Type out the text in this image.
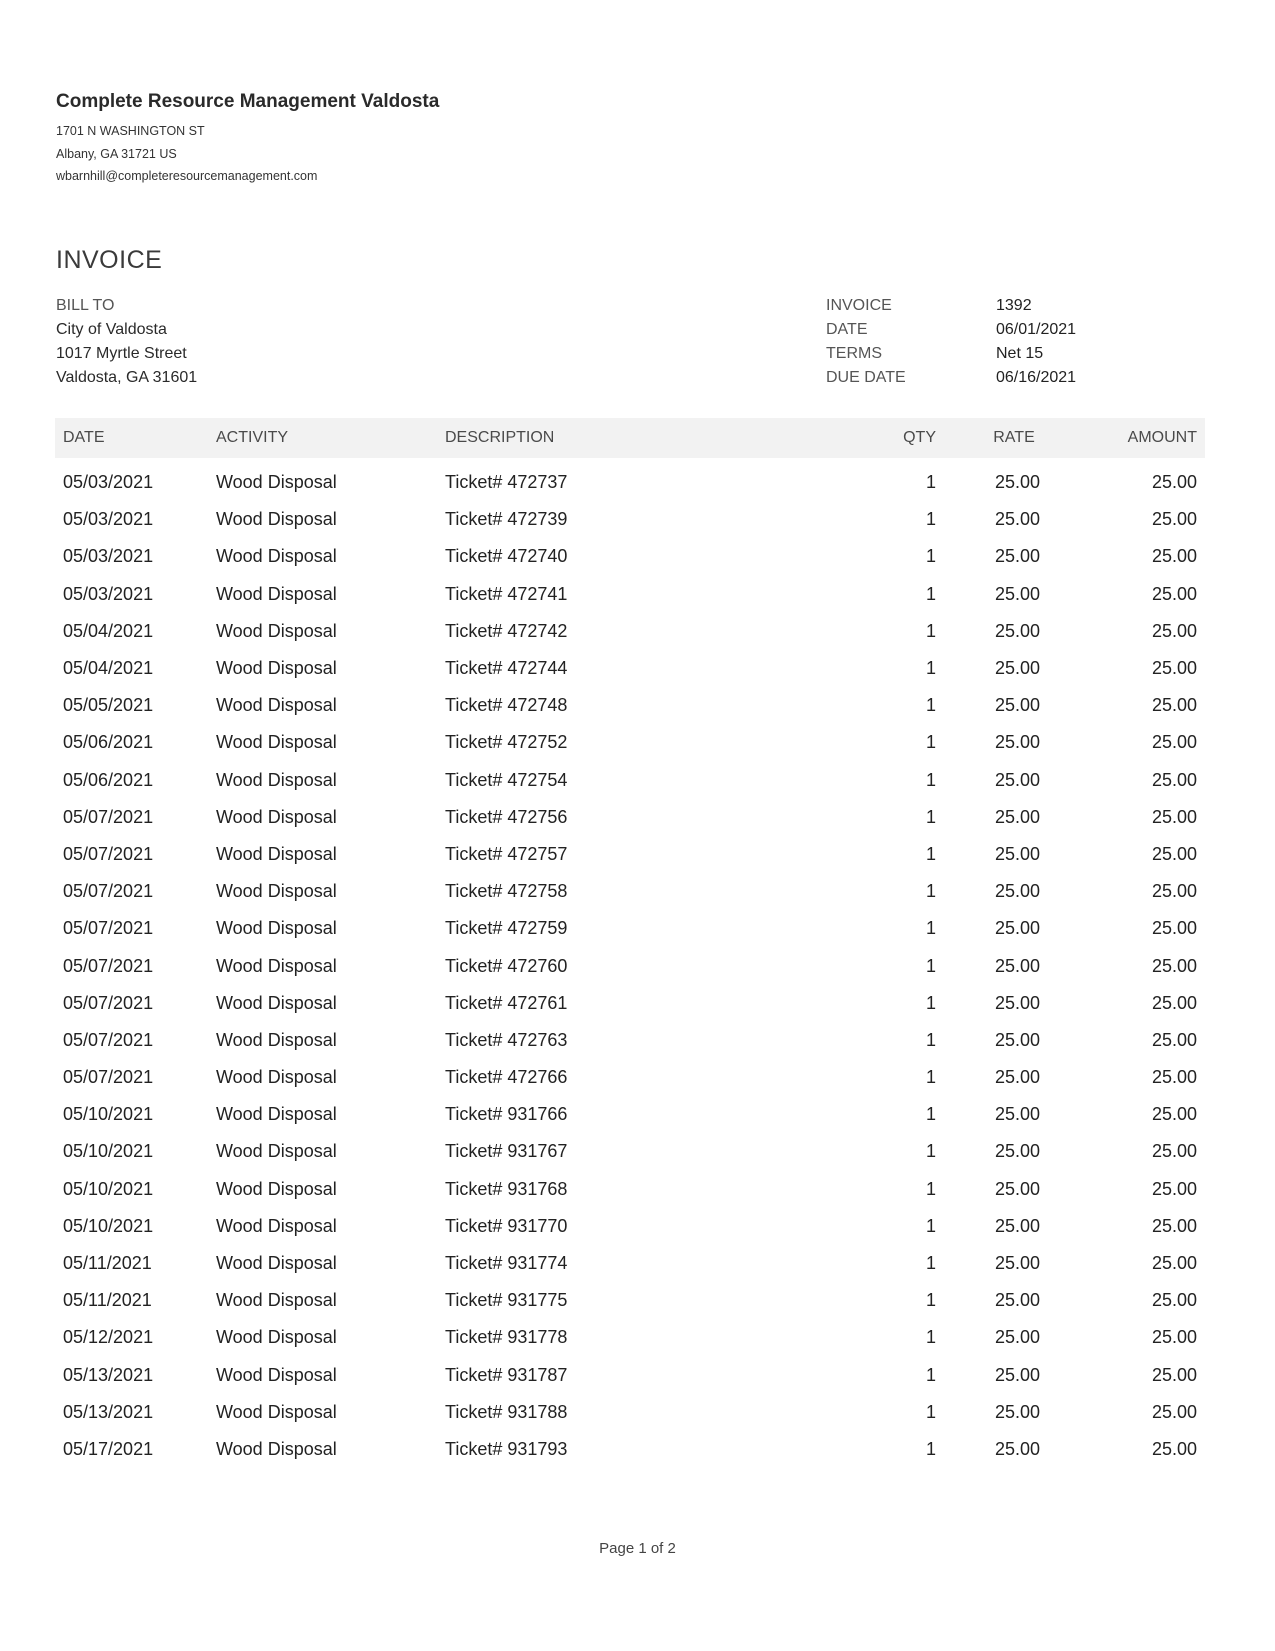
Complete Resource Management Valdosta
1701 N WASHINGTON ST
Albany, GA 31721 US
wbarnhill@completeresourcemanagement.com
INVOICE
BILL TO
City of Valdosta
1017 Myrtle Street
Valdosta, GA 31601
INVOICE	1392
DATE	06/01/2021
TERMS	Net 15
DUE DATE	06/16/2021
DATE	ACTIVITY	DESCRIPTION	QTY	RATE	AMOUNT
05/03/2021	Wood Disposal	Ticket# 472737	1	25.00	25.00
05/03/2021	Wood Disposal	Ticket# 472739	1	25.00	25.00
05/03/2021	Wood Disposal	Ticket# 472740	1	25.00	25.00
05/03/2021	Wood Disposal	Ticket# 472741	1	25.00	25.00
05/04/2021	Wood Disposal	Ticket# 472742	1	25.00	25.00
05/04/2021	Wood Disposal	Ticket# 472744	1	25.00	25.00
05/05/2021	Wood Disposal	Ticket# 472748	1	25.00	25.00
05/06/2021	Wood Disposal	Ticket# 472752	1	25.00	25.00
05/06/2021	Wood Disposal	Ticket# 472754	1	25.00	25.00
05/07/2021	Wood Disposal	Ticket# 472756	1	25.00	25.00
05/07/2021	Wood Disposal	Ticket# 472757	1	25.00	25.00
05/07/2021	Wood Disposal	Ticket# 472758	1	25.00	25.00
05/07/2021	Wood Disposal	Ticket# 472759	1	25.00	25.00
05/07/2021	Wood Disposal	Ticket# 472760	1	25.00	25.00
05/07/2021	Wood Disposal	Ticket# 472761	1	25.00	25.00
05/07/2021	Wood Disposal	Ticket# 472763	1	25.00	25.00
05/07/2021	Wood Disposal	Ticket# 472766	1	25.00	25.00
05/10/2021	Wood Disposal	Ticket# 931766	1	25.00	25.00
05/10/2021	Wood Disposal	Ticket# 931767	1	25.00	25.00
05/10/2021	Wood Disposal	Ticket# 931768	1	25.00	25.00
05/10/2021	Wood Disposal	Ticket# 931770	1	25.00	25.00
05/11/2021	Wood Disposal	Ticket# 931774	1	25.00	25.00
05/11/2021	Wood Disposal	Ticket# 931775	1	25.00	25.00
05/12/2021	Wood Disposal	Ticket# 931778	1	25.00	25.00
05/13/2021	Wood Disposal	Ticket# 931787	1	25.00	25.00
05/13/2021	Wood Disposal	Ticket# 931788	1	25.00	25.00
05/17/2021	Wood Disposal	Ticket# 931793	1	25.00	25.00
Page 1 of 2
